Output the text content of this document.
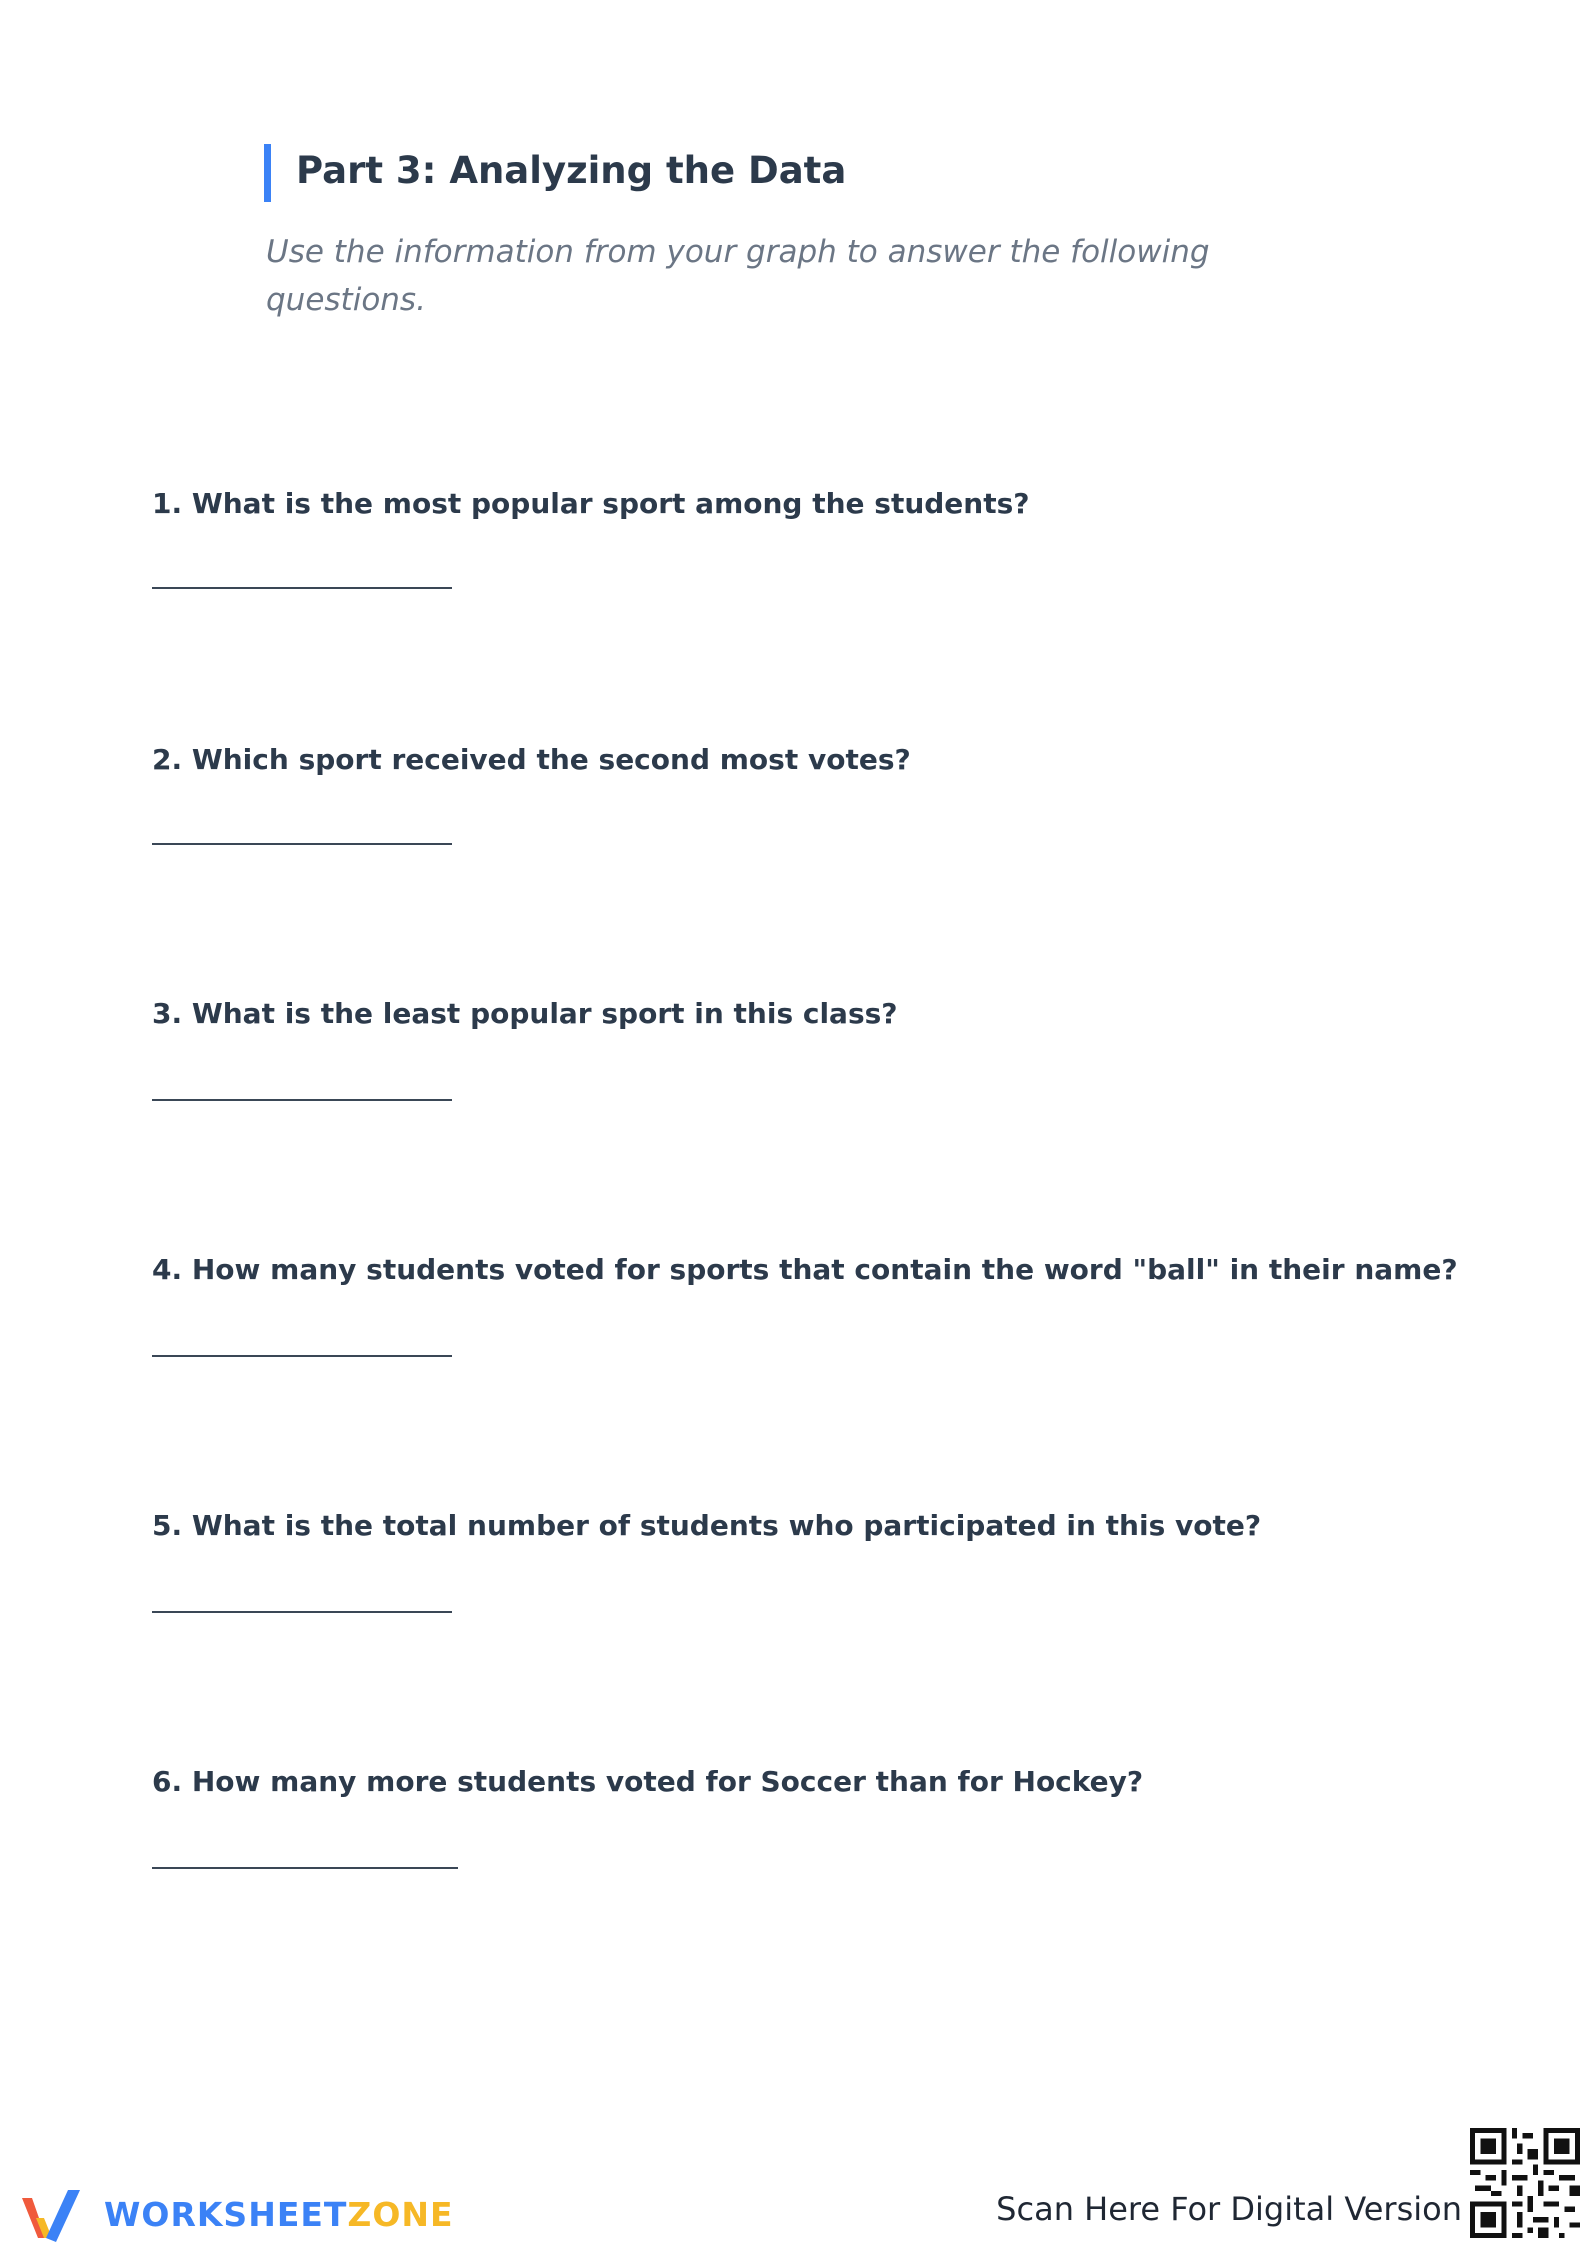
Part 3: Analyzing the Data
Use the information from your graph to answer the following questions.
1. What is the most popular sport among the students?
2. Which sport received the second most votes?
3. What is the least popular sport in this class?
4. How many students voted for sports that contain the word "ball" in their name?
5. What is the total number of students who participated in this vote?
6. How many more students voted for Soccer than for Hockey?
WORKSHEETZONE	Scan Here For Digital Version
